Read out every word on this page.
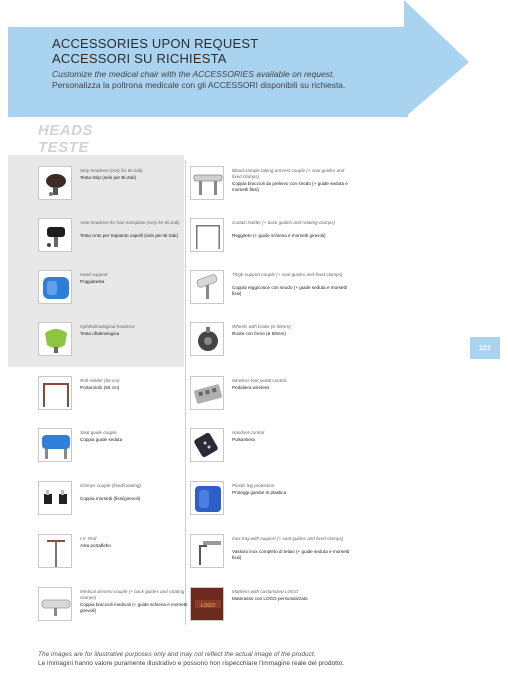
ACCESSORIES UPON REQUEST
ACCESSORI SU RICHIESTA
Customize the medical chair with the ACCESSORIES available on request.
Personalizza la poltrona medicale con gli ACCESSORI disponibili su richiesta.
HEADS
TESTE
Strip headrest (only for Bi-Zak)
Testa strip (solo per Bi-Zak)
Anto headrest for hair transplant (only for Bi-Zak)
Testa Anto per trapianto capelli (solo per Bi-Zak)
Head support
Poggiatesta
Ophthalmological headrest
Testa oftalmologica
Roll Holder (66 cm)
Portarotolo (66 cm)
Seat guide couple
Coppia guide seduta
Clamps couple (fixed/rotating)
Coppia morsetti (fissi/girevoli)
I.V. Rod
Asta portaflebo
Medical armrest couple (+ back guides and rotating clamps)
Coppia braccioli medicali (+ guide schiena e morsetti girevoli)
Blood sample taking armrest couple (+ seat guides and fixed clamps)
Coppia braccioli da prelievo con snodo (+ guide seduta e morsetti fissi)
Curtain holder (+ back guides and rotating clamps)
Reggiteto (+ guide schiena e morsetti girevoli)
Thigh support couple (+ seat guides and fixed clamps)
Coppia reggicosce con snodo (+ guide seduta e morsetti fissi)
Wheels with brake (ø 50mm)
Ruote con freno (ø 50mm)
Wireless foot pedal control
Pedaliera wireless
Handset control
Pulsantiera
Plastic leg protection
Proteggi gambe in plastica
Inox tray with support (+ seat guides and fixed clamps)
Vassoio inox completo di telaio (+ guide seduta e morsetti fissi)
LOGO
Mattress with customized LOGO
Materasso con LOGO personalizzato
121
The images are for illustrative purposes only and may not reflect the actual image of the product.
Le immagini hanno valore puramente illustrativo e possono non rispecchiare l'immagine reale del prodotto.
